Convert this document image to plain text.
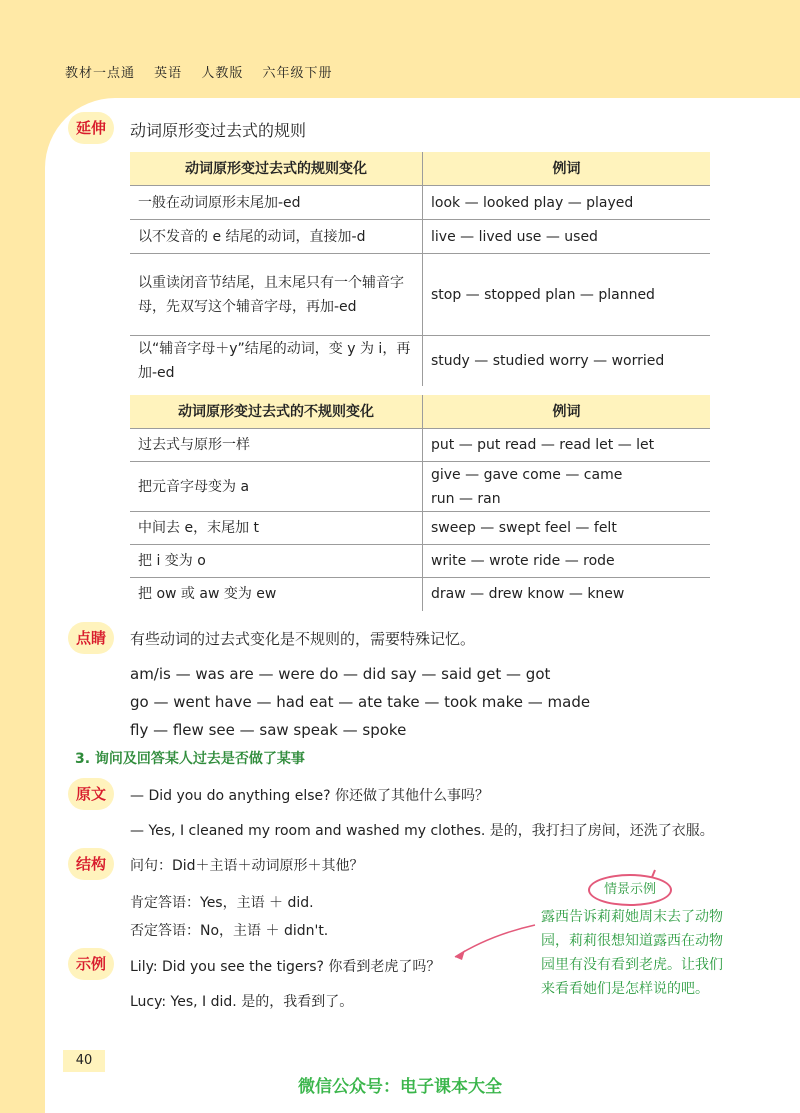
教材一点通 英语 人教版 六年级下册
延伸	动词原形变过去式的规则
动词原形变过去式的规则变化	例词
一般在动词原形末尾加-ed	look — looked play — played
以不发音的 e 结尾的动词，直接加-d	live — lived use — used
以重读闭音节结尾，且末尾只有一个辅音字母，先双写这个辅音字母，再加-ed	stop — stopped plan — planned
以“辅音字母＋y”结尾的动词，变 y 为 i，再加-ed	study — studied worry — worried
动词原形变过去式的不规则变化	例词
过去式与原形一样	put — put read — read let — let
把元音字母变为 a	give — gave come — came
run — ran

中间去 e，末尾加 t	sweep — swept feel — felt
把 i 变为 o	write — wrote ride — rode
把 ow 或 aw 变为 ew	draw — drew know — knew
点睛	有些动词的过去式变化是不规则的，需要特殊记忆。
am/is — was are — were do — did say — said get — got
go — went have — had eat — ate take — took make — made
fly — flew see — saw speak — spoke
3. 询问及回答某人过去是否做了某事
原文	— Did you do anything else? 你还做了其他什么事吗？
— Yes, I cleaned my room and washed my clothes. 是的，我打扫了房间，还洗了衣服。
结构	问句：Did＋主语＋动词原形＋其他？
肯定答语：Yes，主语 ＋ did.
否定答语：No，主语 ＋ didn't.
示例	Lily: Did you see the tigers? 你看到老虎了吗？
Lucy: Yes, I did. 是的，我看到了。
情景示例
露西告诉莉莉她周末去了动物园，莉莉很想知道露西在动物园里有没有看到老虎。让我们来看看她们是怎样说的吧。
40
微信公众号：电子课本大全
